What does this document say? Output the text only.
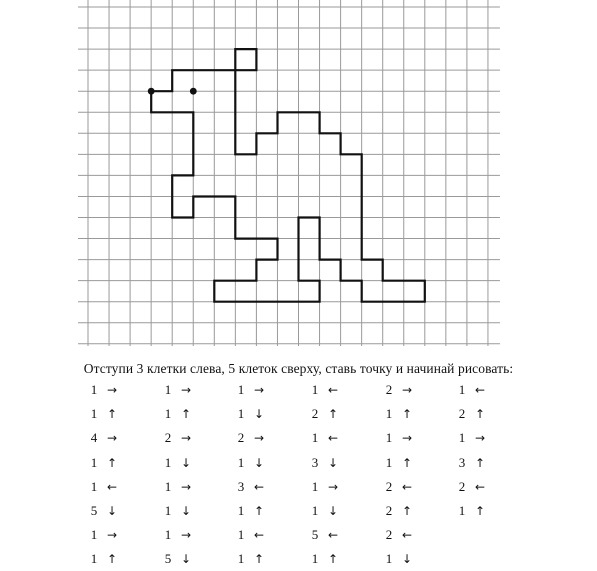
Отступи 3 клетки слева, 5 клеток сверху, ставь точку и начинай рисовать:
1 →
1 ↑
4 →
1 ↑
1 ←
5 ↓
1 →
1 ↑
1 →
1 ↑
2 →
1 ↓
1 →
1 ↓
1 →
5 ↓
1 →
1 ↓
2 →
1 ↓
3 ←
1 ↑
1 ←
1 ↑
1 ←
2 ↑
1 ←
3 ↓
1 →
1 ↓
5 ←
1 ↑
2 →
1 ↑
1 →
1 ↑
2 ←
2 ↑
2 ←
1 ↓
1 ←
2 ↑
1 →
3 ↑
2 ←
1 ↑
